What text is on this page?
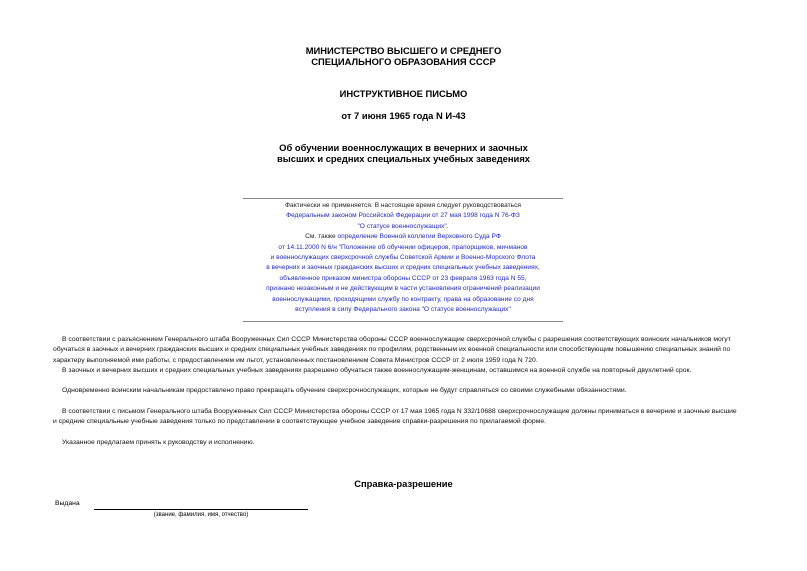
МИНИСТЕРСТВО ВЫСШЕГО И СРЕДНЕГО
СПЕЦИАЛЬНОГО ОБРАЗОВАНИЯ СССР
ИНСТРУКТИВНОЕ ПИСЬМО
от 7 июня 1965 года N И-43
Об обучении военнослужащих в вечерних и заочных
высших и средних специальных учебных заведениях
Фактически не применяется. В настоящее время следует руководствоваться
Федеральным законом Российской Федерации от 27 мая 1998 года N 76-ФЗ
"О статусе военнослужащих".
См. также определение Военной коллегии Верховного Суда РФ
от 14.11.2000 N 6/н "Положение об обучении офицеров, прапорщиков, мичманов
и военнослужащих сверхсрочной службы Советской Армии и Военно-Морского Флота
в вечерних и заочных гражданских высших и средних специальных учебных заведениях,
объявленное приказом министра обороны СССР от 23 февраля 1963 года N 55,
признано незаконным и не действующим в части установления ограничений реализации
военнослужащими, проходящими службу по контракту, права на образование со дня
вступления в силу Федерального закона "О статусе военнослужащих"
В соответствии с разъяснением Генерального штаба Вооруженных Сил СССР Министерства обороны СССР военнослужащие сверхсрочной службы с разрешения соответствующих воинских начальников могут
обучаться в заочных и вечерних гражданских высших и средних специальных учебных заведениях по профилям, родственным их военной специальности или способствующим повышению специальных знаний по
характеру выполняемой ими работы, с предоставлением им льгот, установленных постановлением Совета Министров СССР от 2 июля 1959 года N 720.
В заочных и вечерних высших и средних специальных учебных заведениях разрешено обучаться также военнослужащим-женщинам, оставшимся на военной службе на повторный двухлетний срок.
Одновременно воинским начальникам предоставлено право прекращать обучение сверхсрочнослужащих, которые не будут справляться со своими служебными обязанностями.
В соответствии с письмом Генерального штаба Вооруженных Сил СССР Министерства обороны СССР от 17 мая 1965 года N 332/10688 сверхсрочнослужащие должны приниматься в вечерние и заочные высшие
и средние специальные учебные заведения только по представлении в соответствующее учебное заведение справки-разрешения по прилагаемой форме.
Указанное предлагаем принять к руководству и исполнению.
Справка-разрешение
Выдана
(звание, фамилия, имя, отчество)
